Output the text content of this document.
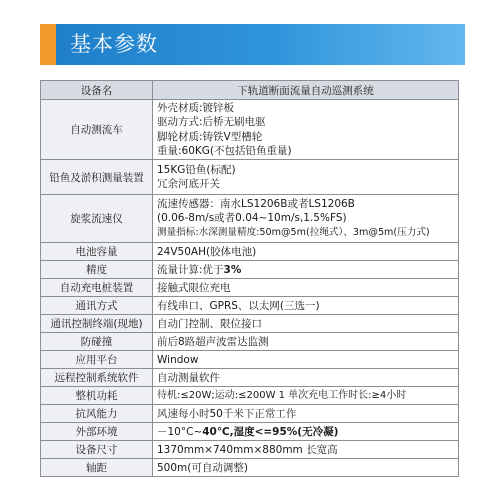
基本参数
设备名	下轨道断面流量自动巡测系统
自动测流车	外壳材质:镀锌板
驱动方式:后桥无刷电驱
脚轮材质:铸铁V型槽轮
重量:60KG(不包括铅鱼重量)

铅鱼及淤积测量装置	15KG铅鱼(标配)
冗余河底开关

旋浆流速仪	流速传感器：南水LS1206B或者LS1206B
(0.06-8m/s或者0.04~10m/s,1.5%FS)
测量指标:水深测量精度:50m@5m(拉绳式）、3m@5m(压力式)

电池容量	24V50AH(胶体电池)

精度	流量计算:优于3%

自动充电桩装置	接触式限位充电

通讯方式	有线串口、GPRS、以太网(三选一)

通讯控制终端(现地)	自动门控制、限位接口

防碰撞	前后8路超声波雷达监测

应用平台	Window

远程控制系统软件	自动测量软件

整机功耗	待机:≤20W;运动:≤200W 1 单次充电工作时长:≥4小时

抗风能力	风速每小时50千米下正常工作

外部环境	－10°C~40℃,湿度<=95%(无冷凝)

设备尺寸	1370mm×740mm×880mm 长宽高

轴距	500m(可自动调整)
